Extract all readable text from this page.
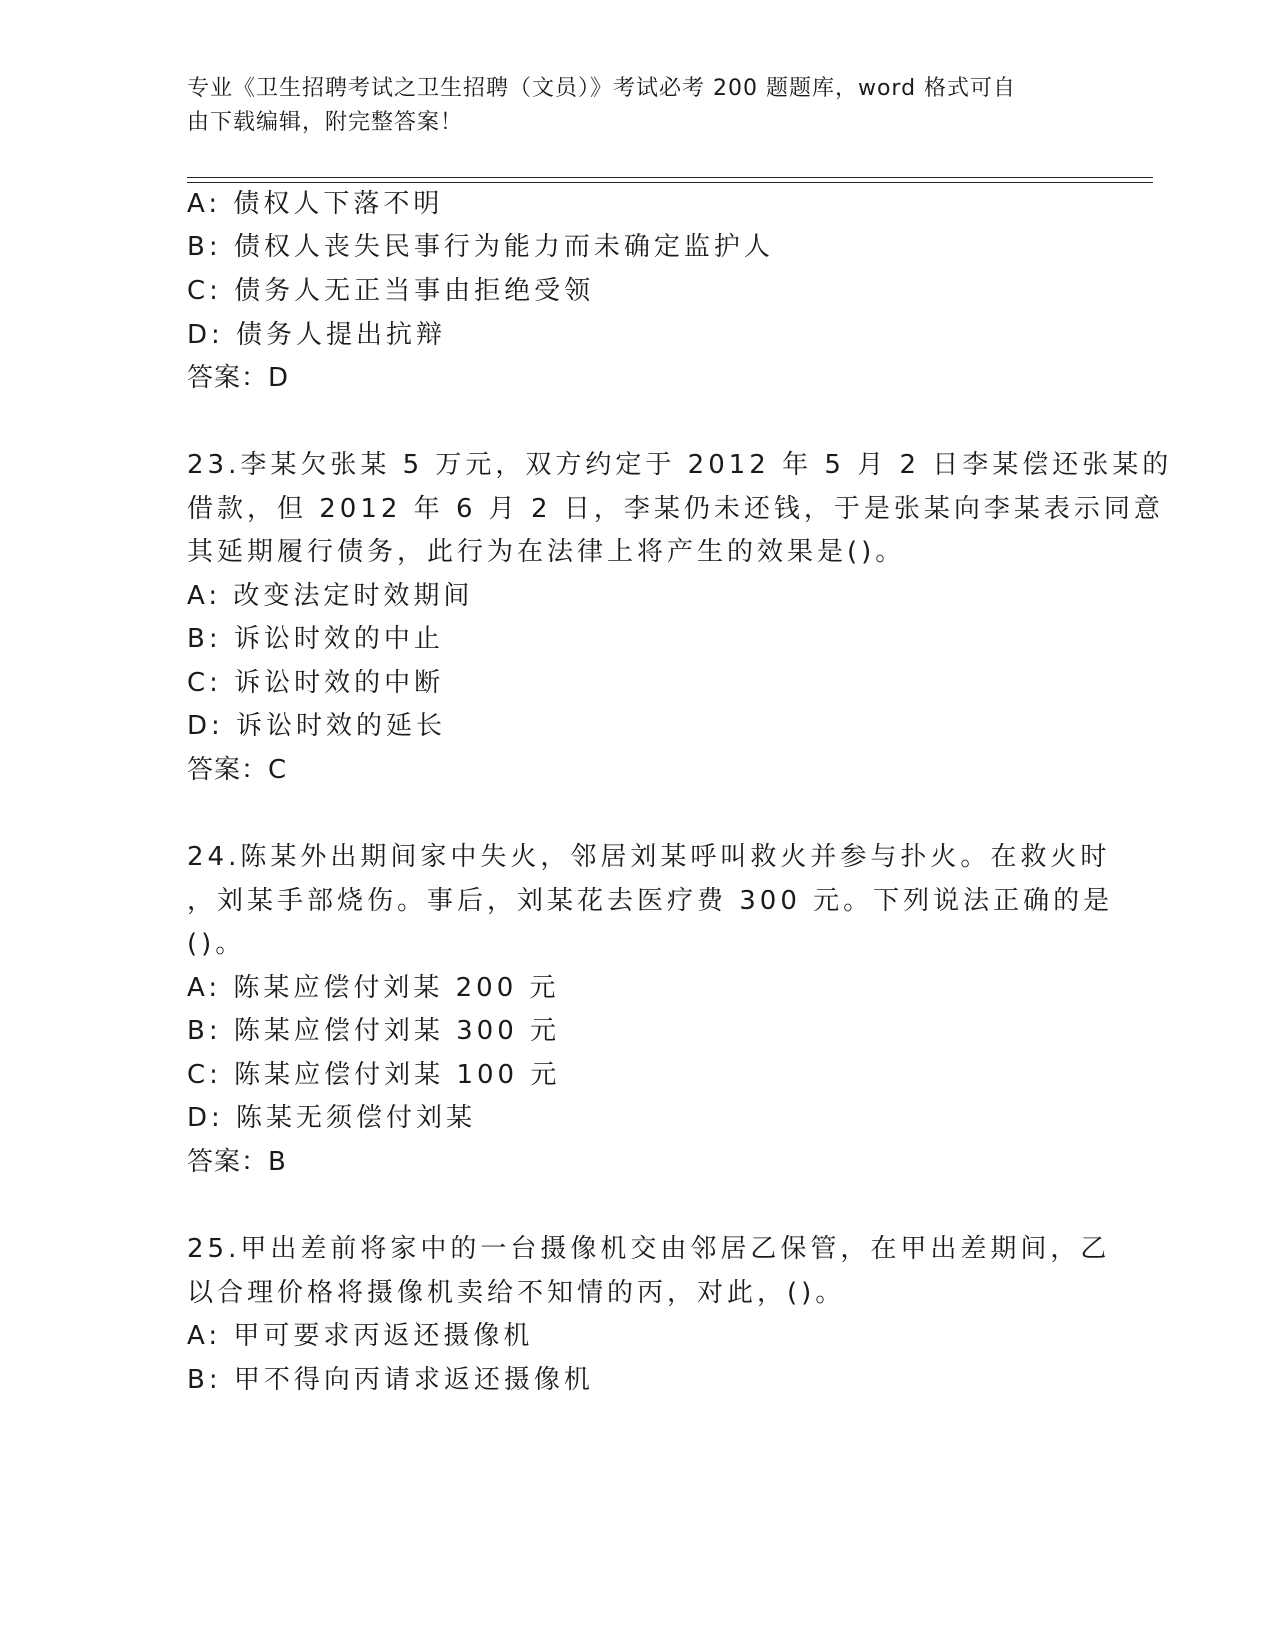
专业《卫生招聘考试之卫生招聘（文员）》考试必考 200 题题库，word 格式可自
由下载编辑，附完整答案！
A: 债权人下落不明
B: 债权人丧失民事行为能力而未确定监护人
C: 债务人无正当事由拒绝受领
D: 债务人提出抗辩
答案：D
23.李某欠张某 5 万元，双方约定于 2012 年 5 月 2 日李某偿还张某的
借款，但 2012 年 6 月 2 日，李某仍未还钱，于是张某向李某表示同意
其延期履行债务，此行为在法律上将产生的效果是()。
A: 改变法定时效期间
B: 诉讼时效的中止
C: 诉讼时效的中断
D: 诉讼时效的延长
答案：C
24.陈某外出期间家中失火，邻居刘某呼叫救火并参与扑火。在救火时
，刘某手部烧伤。事后，刘某花去医疗费 300 元。下列说法正确的是
()。
A: 陈某应偿付刘某 200 元
B: 陈某应偿付刘某 300 元
C: 陈某应偿付刘某 100 元
D: 陈某无须偿付刘某
答案：B
25.甲出差前将家中的一台摄像机交由邻居乙保管，在甲出差期间，乙
以合理价格将摄像机卖给不知情的丙，对此，()。
A: 甲可要求丙返还摄像机
B: 甲不得向丙请求返还摄像机
